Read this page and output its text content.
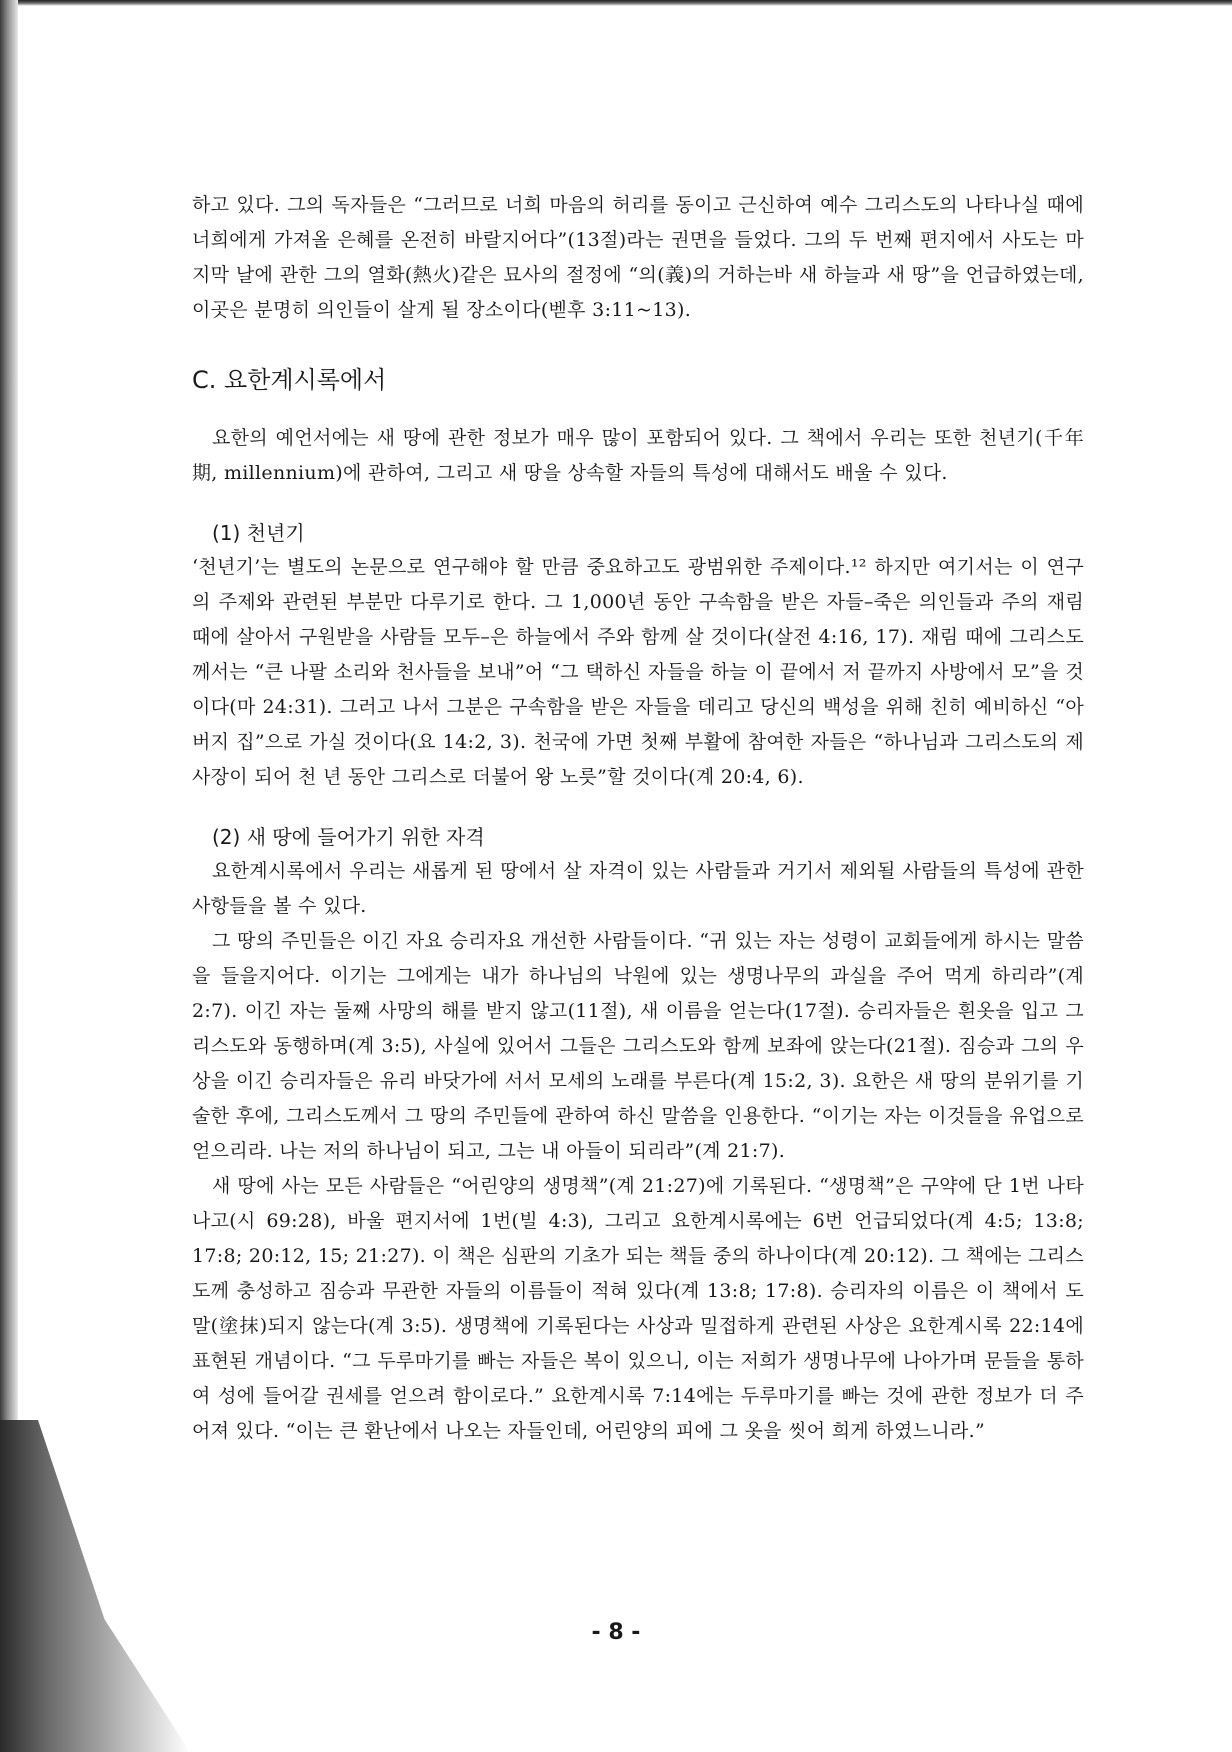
하고 있다. 그의 독자들은 “그러므로 너희 마음의 허리를 동이고 근신하여 예수 그리스도의 나타나실 때에 너희에게 가져올 은혜를 온전히 바랄지어다”(13절)라는 권면을 들었다. 그의 두 번째 편지에서 사도는 마지막 날에 관한 그의 열화(熱火)같은 묘사의 절정에 “의(義)의 거하는바 새 하늘과 새 땅”을 언급하였는데, 이곳은 분명히 의인들이 살게 될 장소이다(벧후 3:11~13).

C. 요한계시록에서

요한의 예언서에는 새 땅에 관한 정보가 매우 많이 포함되어 있다. 그 책에서 우리는 또한 천년기(千年期, millennium)에 관하여, 그리고 새 땅을 상속할 자들의 특성에 대해서도 배울 수 있다.

(1) 천년기

‘천년기’는 별도의 논문으로 연구해야 할 만큼 중요하고도 광범위한 주제이다.¹² 하지만 여기서는 이 연구의 주제와 관련된 부분만 다루기로 한다. 그 1,000년 동안 구속함을 받은 자들–죽은 의인들과 주의 재림 때에 살아서 구원받을 사람들 모두–은 하늘에서 주와 함께 살 것이다(살전 4:16, 17). 재림 때에 그리스도께서는 “큰 나팔 소리와 천사들을 보내”어 “그 택하신 자들을 하늘 이 끝에서 저 끝까지 사방에서 모”을 것이다(마 24:31). 그러고 나서 그분은 구속함을 받은 자들을 데리고 당신의 백성을 위해 친히 예비하신 “아버지 집”으로 가실 것이다(요 14:2, 3). 천국에 가면 첫째 부활에 참여한 자들은 “하나님과 그리스도의 제사장이 되어 천 년 동안 그리스로 더불어 왕 노릇”할 것이다(계 20:4, 6).

(2) 새 땅에 들어가기 위한 자격

요한계시록에서 우리는 새롭게 된 땅에서 살 자격이 있는 사람들과 거기서 제외될 사람들의 특성에 관한 사항들을 볼 수 있다.

그 땅의 주민들은 이긴 자요 승리자요 개선한 사람들이다. “귀 있는 자는 성령이 교회들에게 하시는 말씀을 들을지어다. 이기는 그에게는 내가 하나님의 낙원에 있는 생명나무의 과실을 주어 먹게 하리라”(계 2:7). 이긴 자는 둘째 사망의 해를 받지 않고(11절), 새 이름을 얻는다(17절). 승리자들은 흰옷을 입고 그리스도와 동행하며(계 3:5), 사실에 있어서 그들은 그리스도와 함께 보좌에 앉는다(21절). 짐승과 그의 우상을 이긴 승리자들은 유리 바닷가에 서서 모세의 노래를 부른다(계 15:2, 3). 요한은 새 땅의 분위기를 기술한 후에, 그리스도께서 그 땅의 주민들에 관하여 하신 말씀을 인용한다. “이기는 자는 이것들을 유업으로 얻으리라. 나는 저의 하나님이 되고, 그는 내 아들이 되리라”(계 21:7).

새 땅에 사는 모든 사람들은 “어린양의 생명책”(계 21:27)에 기록된다. “생명책”은 구약에 단 1번 나타나고(시 69:28), 바울 편지서에 1번(빌 4:3), 그리고 요한계시록에는 6번 언급되었다(계 4:5; 13:8; 17:8; 20:12, 15; 21:27). 이 책은 심판의 기초가 되는 책들 중의 하나이다(계 20:12). 그 책에는 그리스도께 충성하고 짐승과 무관한 자들의 이름들이 적혀 있다(계 13:8; 17:8). 승리자의 이름은 이 책에서 도말(塗抹)되지 않는다(계 3:5). 생명책에 기록된다는 사상과 밀접하게 관련된 사상은 요한계시록 22:14에 표현된 개념이다. “그 두루마기를 빠는 자들은 복이 있으니, 이는 저희가 생명나무에 나아가며 문들을 통하여 성에 들어갈 권세를 얻으려 함이로다.” 요한계시록 7:14에는 두루마기를 빠는 것에 관한 정보가 더 주어져 있다. “이는 큰 환난에서 나오는 자들인데, 어린양의 피에 그 옷을 씻어 희게 하였느니라.”

- 8 -
